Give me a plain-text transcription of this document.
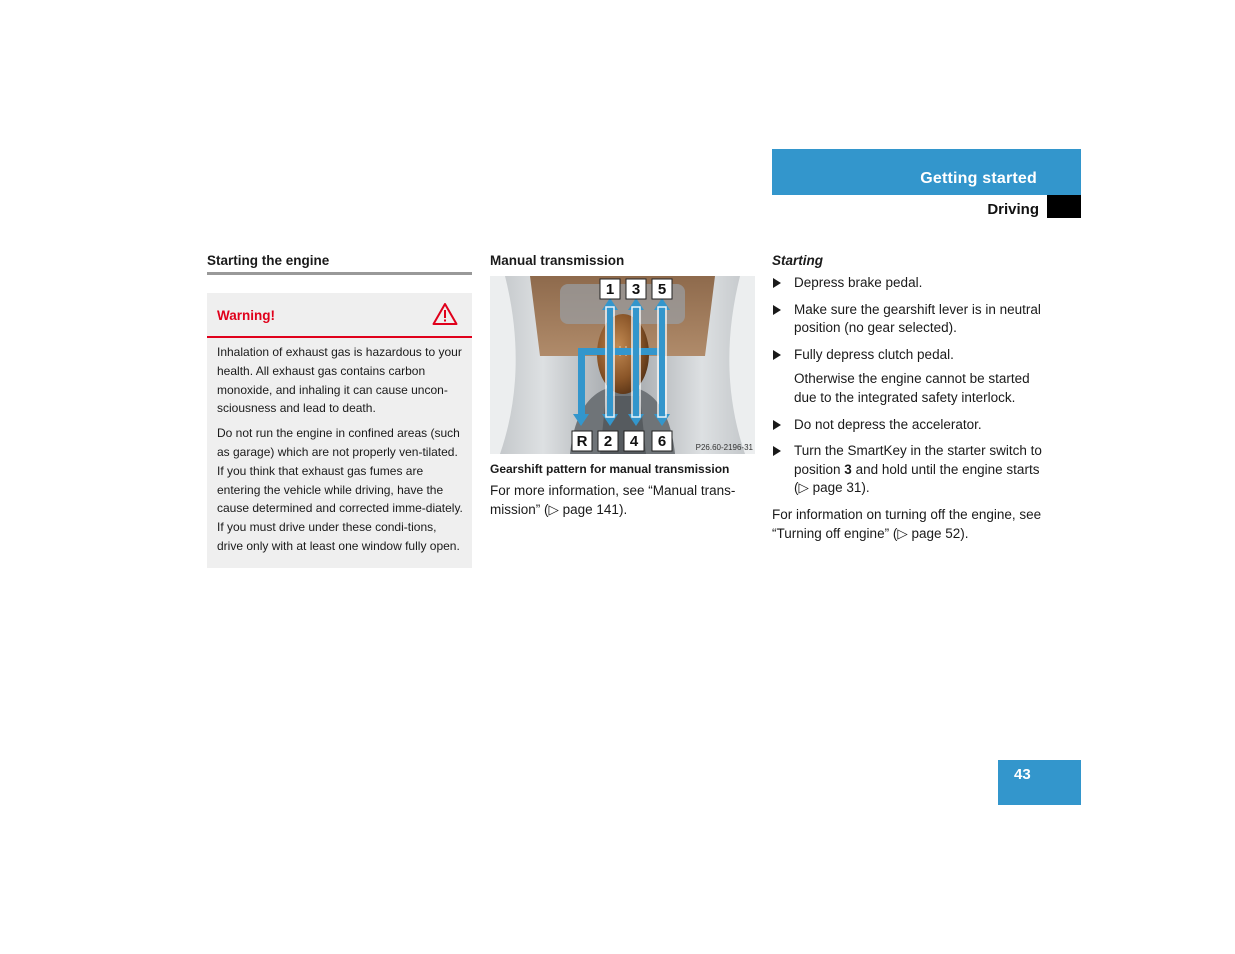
Getting started
Driving
Starting the engine
Warning!

Inhalation of exhaust gas is hazardous to your health. All exhaust gas contains carbon monoxide, and inhaling it can cause uncon-sciousness and lead to death.

Do not run the engine in confined areas (such as garage) which are not properly ven-tilated. If you think that exhaust gas fumes are entering the vehicle while driving, have the cause determined and corrected imme-diately. If you must drive under these condi-tions, drive only with at least one window fully open.

Manual transmission
1 3 5
R 2 4 6	P26.60-2196-31
Gearshift pattern for manual transmission
For more information, see “Manual trans-mission” (▷ page 141).
Starting
Depress brake pedal.
Make sure the gearshift lever is in neutral position (no gear selected).
Fully depress clutch pedal.
Otherwise the engine cannot be started due to the integrated safety interlock.
Do not depress the accelerator.
Turn the SmartKey in the starter switch to position 3 and hold until the engine starts (▷ page 31).
For information on turning off the engine, see “Turning off engine” (▷ page 52).
43
